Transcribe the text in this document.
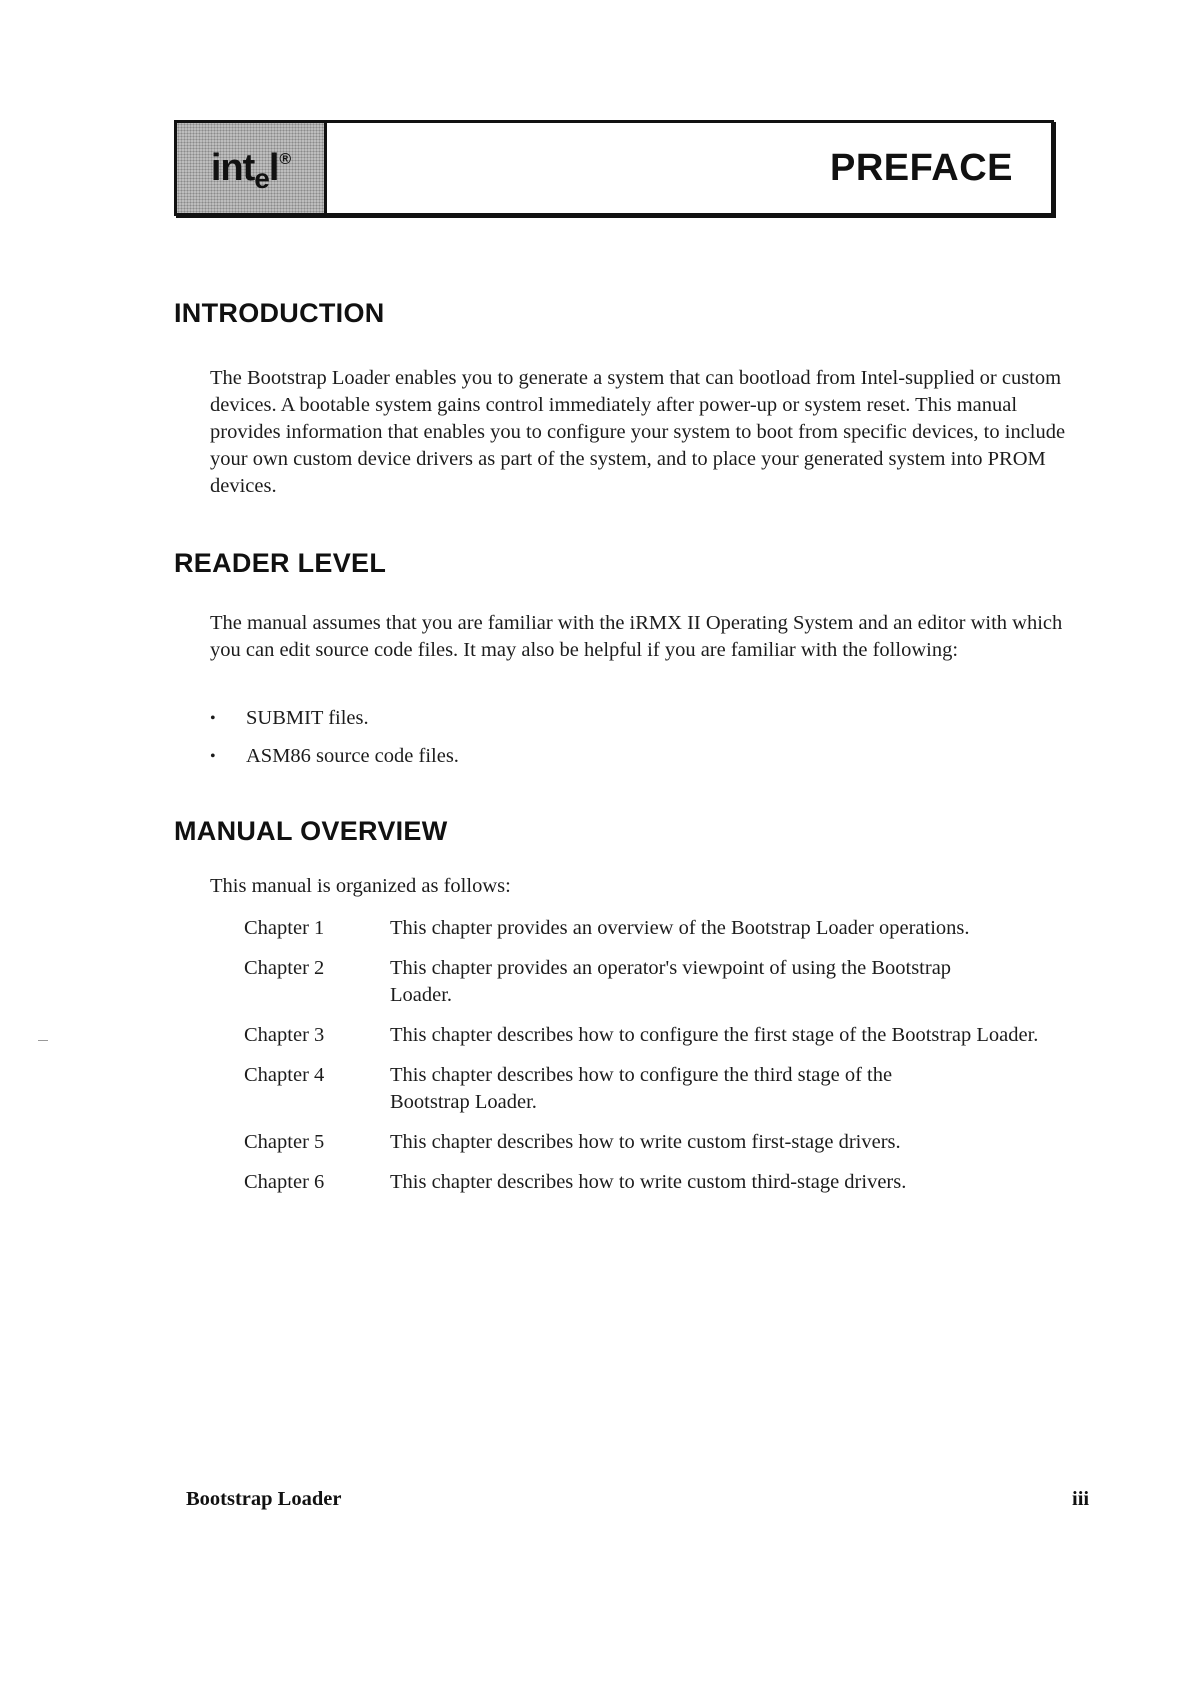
int$_e$l®	PREFACE
INTRODUCTION

The Bootstrap Loader enables you to generate a system that can bootload from Intel-supplied or custom devices. A bootable system gains control immediately after power-up or system reset. This manual provides information that enables you to configure your system to boot from specific devices, to include your own custom device drivers as part of the system, and to place your generated system into PROM devices.

READER LEVEL

The manual assumes that you are familiar with the iRMX II Operating System and an editor with which you can edit source code files. It may also be helpful if you are familiar with the following:

•	SUBMIT files.
•	ASM86 source code files.
MANUAL OVERVIEW

This manual is organized as follows:

Chapter 1	This chapter provides an overview of the Bootstrap Loader operations.
Chapter 2	This chapter provides an operator's viewpoint of using the Bootstrap Loader.
Chapter 3	This chapter describes how to configure the first stage of the Bootstrap Loader.
Chapter 4	This chapter describes how to configure the third stage of the Bootstrap Loader.
Chapter 5	This chapter describes how to write custom first-stage drivers.
Chapter 6	This chapter describes how to write custom third-stage drivers.
Bootstrap Loader	iii
